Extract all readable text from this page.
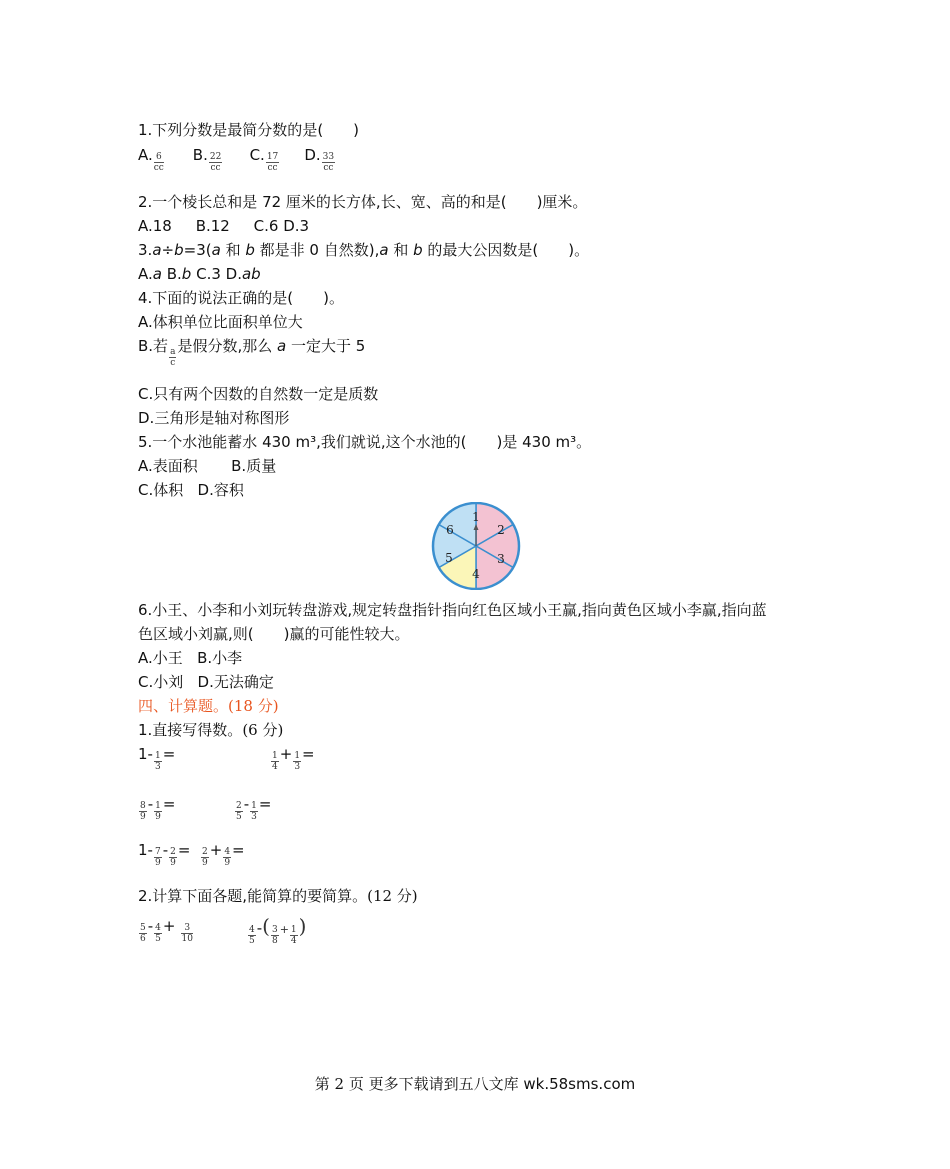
1.下列分数是最简分数的是( )
A. $\frac{6}{cc} B$. $\frac{22}{cc} C$. $\frac{17}{cc} D$. $\frac{33}{cc}$
2.一个棱长总和是 72 厘米的长方体,长、宽、高的和是( )厘米。
A.18     B.12     C.6 D.3
3.a÷b=3(a 和 b 都是非 0 自然数),a 和 b 的最大公因数是( )。
A.a B.b C.3 D.ab
4.下面的说法正确的是( )。
A.体积单位比面积单位大
B.若
$\frac{a}{c}$
是假分数,那么 a 一定大于 5
C.只有两个因数的自然数一定是质数
D.三角形是轴对称图形
5.一个水池能蓄水 430 m³,我们就说,这个水池的( )是 430 m³。
A.表面积       B.质量
C.体积   D.容积
1
2
3
4
5
6
6.小王、小李和小刘玩转盘游戏,规定转盘指针指向红色区域小王赢,指向黄色区域小李赢,指向蓝
色区域小刘赢,则( )赢的可能性较大。
A.小王   B.小李
C.小刘   D.无法确定
四、计算题。(18 分)
1.直接写得数。(6 分)
$1- \frac{1}{3}$ =	$\frac{1}{4} + \frac{1}{3}$ =
$\frac{8}{9} - \frac{1}{9}$ =	$\frac{2}{5} - \frac{1}{3}$ =
$1- \frac{7}{9} - \frac{2}{9} = \frac{2}{9} + \frac{4}{9}$ =
2.计算下面各题,能简算的要简算。(12 分)
$\frac{5}{6} - \frac{4}{5} + \frac{3}{10}$	$\frac{4}{5}$ -( $\frac{3}{8} + \frac{1}{4}$ )
第 2 页 更多下载请到五八文库 wk.58sms.com
